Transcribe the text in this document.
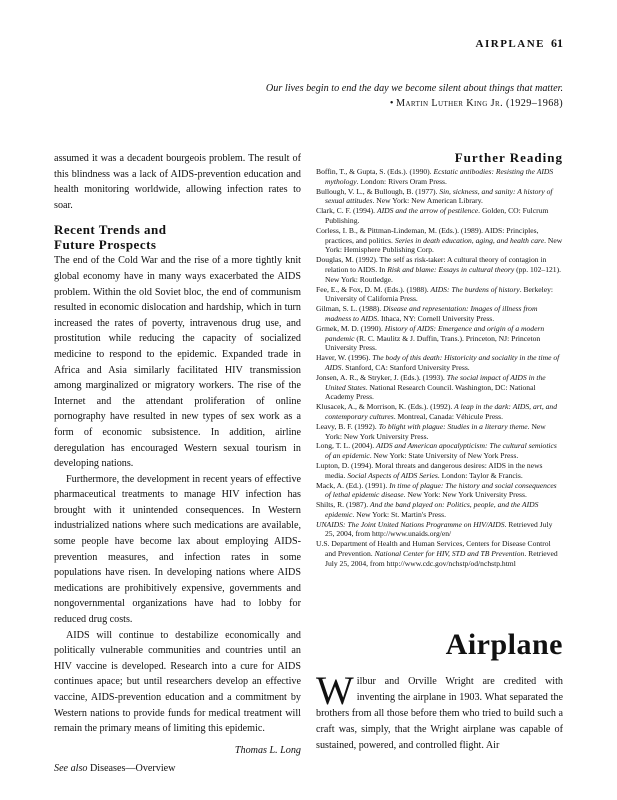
AIRPLANE 61
Our lives begin to end the day we become silent about things that matter. • Martin Luther King Jr. (1929–1968)

assumed it was a decadent bourgeois problem. The result of this blindness was a lack of AIDS-prevention education and health monitoring worldwide, allowing infection rates to soar.

Recent Trends and
Future Prospects

The end of the Cold War and the rise of a more tightly knit global economy have in many ways exacerbated the AIDS problem. Within the old Soviet bloc, the end of communism resulted in economic dislocation and hardship, which in turn increased the rates of poverty, intravenous drug use, and prostitution while reducing the capacity of socialized medicine to respond to the epidemic. Expanded trade in Africa and Asia similarly facilitated HIV transmission among marginalized or migratory workers. The rise of the Internet and the attendant proliferation of online pornography have resulted in new types of sex work as a form of economic subsistence. In addition, airline deregulation has encouraged Western sexual tourism in developing nations.

Furthermore, the development in recent years of effective pharmaceutical treatments to manage HIV infection has brought with it unintended consequences. In Western industrialized nations where such medications are available, some people have become lax about employing AIDS-prevention measures, and infection rates in some populations have risen. In developing nations where AIDS medications are prohibitively expensive, governments and nongovernmental organizations have had to lobby for reduced drug costs.

AIDS will continue to destabilize economically and politically vulnerable communities and countries until an HIV vaccine is developed. Research into a cure for AIDS continues apace; but until researchers develop an effective vaccine, AIDS-prevention education and a commitment by Western nations to provide funds for medical treatment will remain the primary means of limiting this epidemic.

Thomas L. Long
See also Diseases—Overview
Further Reading
Boffin, T., & Gupta, S. (Eds.). (1990). Ecstatic antibodies: Resisting the AIDS mythology. London: Rivers Oram Press.
Bullough, V. L., & Bullough, B. (1977). Sin, sickness, and sanity: A history of sexual attitudes. New York: New American Library.
Clark, C. F. (1994). AIDS and the arrow of pestilence. Golden, CO: Fulcrum Publishing.
Corless, I. B., & Pittman-Lindeman, M. (Eds.). (1989). AIDS: Principles, practices, and politics. Series in death education, aging, and health care. New York: Hemisphere Publishing Corp.
Douglas, M. (1992). The self as risk-taker: A cultural theory of contagion in relation to AIDS. In Risk and blame: Essays in cultural theory (pp. 102–121). New York: Routledge.
Fee, E., & Fox, D. M. (Eds.). (1988). AIDS: The burdens of history. Berkeley: University of California Press.
Gilman, S. L. (1988). Disease and representation: Images of illness from madness to AIDS. Ithaca, NY: Cornell University Press.
Grmek, M. D. (1990). History of AIDS: Emergence and origin of a modern pandemic (R. C. Maulitz & J. Duffin, Trans.). Princeton, NJ: Princeton University Press.
Haver, W. (1996). The body of this death: Historicity and sociality in the time of AIDS. Stanford, CA: Stanford University Press.
Jonsen, A. R., & Stryker, J. (Eds.). (1993). The social impact of AIDS in the United States. National Research Council. Washington, DC: National Academy Press.
Klusacek, A., & Morrison, K. (Eds.). (1992). A leap in the dark: AIDS, art, and contemporary cultures. Montreal, Canada: Véhicule Press.
Leavy, B. F. (1992). To blight with plague: Studies in a literary theme. New York: New York University Press.
Long, T. L. (2004). AIDS and American apocalypticism: The cultural semiotics of an epidemic. New York: State University of New York Press.
Lupton, D. (1994). Moral threats and dangerous desires: AIDS in the news media. Social Aspects of AIDS Series. London: Taylor & Francis.
Mack, A. (Ed.). (1991). In time of plague: The history and social consequences of lethal epidemic disease. New York: New York University Press.
Shilts, R. (1987). And the band played on: Politics, people, and the AIDS epidemic. New York: St. Martin's Press.
UNAIDS: The Joint United Nations Programme on HIV/AIDS. Retrieved July 25, 2004, from http://www.unaids.org/en/
U.S. Department of Health and Human Services, Centers for Disease Control and Prevention. National Center for HIV, STD and TB Prevention. Retrieved July 25, 2004, from http://www.cdc.gov/nchstp/od/nchstp.html
Airplane
Wilbur and Orville Wright are credited with inventing the airplane in 1903. What separated the brothers from all those before them who tried to build such a craft was, simply, that the Wright airplane was capable of sustained, powered, and controlled flight. Air
